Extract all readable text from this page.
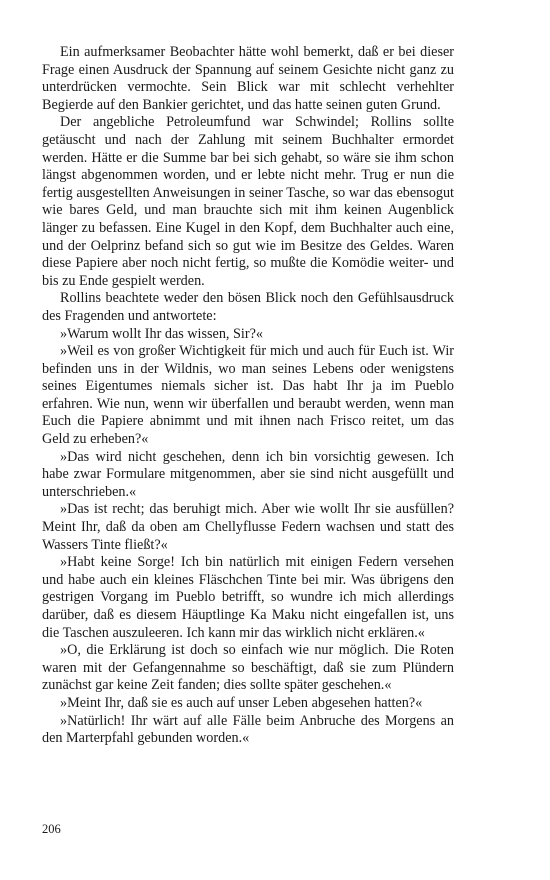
Ein aufmerksamer Beobachter hätte wohl bemerkt, daß er bei dieser Frage einen Ausdruck der Spannung auf seinem Gesichte nicht ganz zu unterdrücken vermochte. Sein Blick war mit schlecht verhehlter Begierde auf den Bankier gerichtet, und das hatte seinen guten Grund.

Der angebliche Petroleumfund war Schwindel; Rollins sollte getäuscht und nach der Zahlung mit seinem Buchhalter ermordet werden. Hätte er die Summe bar bei sich gehabt, so wäre sie ihm schon längst abgenommen worden, und er lebte nicht mehr. Trug er nun die fertig ausgestellten Anweisungen in seiner Tasche, so war das ebensogut wie bares Geld, und man brauchte sich mit ihm keinen Augenblick länger zu befassen. Eine Kugel in den Kopf, dem Buchhalter auch eine, und der Oelprinz befand sich so gut wie im Besitze des Geldes. Waren diese Papiere aber noch nicht fertig, so mußte die Komödie weiter- und bis zu Ende gespielt werden.

Rollins beachtete weder den bösen Blick noch den Gefühlsausdruck des Fragenden und antwortete:

»Warum wollt Ihr das wissen, Sir?«

»Weil es von großer Wichtigkeit für mich und auch für Euch ist. Wir befinden uns in der Wildnis, wo man seines Lebens oder wenigstens seines Eigentumes niemals sicher ist. Das habt Ihr ja im Pueblo erfahren. Wie nun, wenn wir überfallen und beraubt werden, wenn man Euch die Papiere abnimmt und mit ihnen nach Frisco reitet, um das Geld zu erheben?«

»Das wird nicht geschehen, denn ich bin vorsichtig gewesen. Ich habe zwar Formulare mitgenommen, aber sie sind nicht ausgefüllt und unterschrieben.«

»Das ist recht; das beruhigt mich. Aber wie wollt Ihr sie ausfüllen? Meint Ihr, daß da oben am Chellyflusse Federn wachsen und statt des Wassers Tinte fließt?«

»Habt keine Sorge! Ich bin natürlich mit einigen Federn versehen und habe auch ein kleines Fläschchen Tinte bei mir. Was übrigens den gestrigen Vorgang im Pueblo betrifft, so wundre ich mich allerdings darüber, daß es diesem Häuptlinge Ka Maku nicht eingefallen ist, uns die Taschen auszuleeren. Ich kann mir das wirklich nicht erklären.«

»O, die Erklärung ist doch so einfach wie nur möglich. Die Roten waren mit der Gefangennahme so beschäftigt, daß sie zum Plündern zunächst gar keine Zeit fanden; dies sollte später geschehen.«

»Meint Ihr, daß sie es auch auf unser Leben abgesehen hatten?«

»Natürlich! Ihr wärt auf alle Fälle beim Anbruche des Morgens an den Marterpfahl gebunden worden.«

206
